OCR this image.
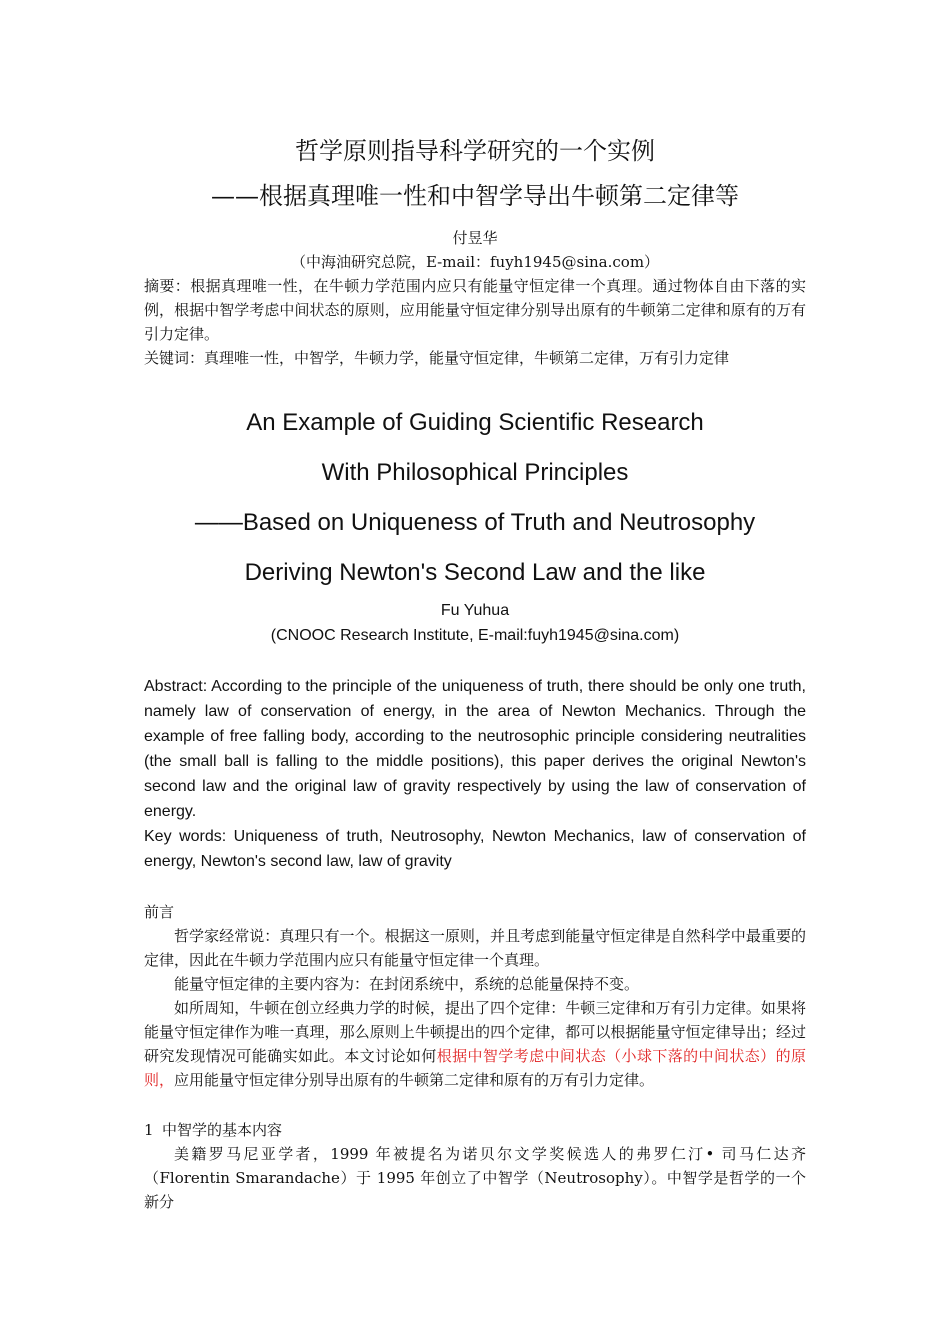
哲学原则指导科学研究的一个实例
——根据真理唯一性和中智学导出牛顿第二定律等
付昱华
（中海油研究总院，E-mail：fuyh1945@sina.com）
摘要：根据真理唯一性，在牛顿力学范围内应只有能量守恒定律一个真理。通过物体自由下落的实例，根据中智学考虑中间状态的原则，应用能量守恒定律分别导出原有的牛顿第二定律和原有的万有引力定律。
关键词：真理唯一性，中智学，牛顿力学，能量守恒定律，牛顿第二定律，万有引力定律
An Example of Guiding Scientific Research
With Philosophical Principles
——Based on Uniqueness of Truth and Neutrosophy
Deriving Newton's Second Law and the like
Fu Yuhua
(CNOOC Research Institute, E-mail:fuyh1945@sina.com)
Abstract: According to the principle of the uniqueness of truth, there should be only one truth, namely law of conservation of energy, in the area of Newton Mechanics. Through the example of free falling body, according to the neutrosophic principle considering neutralities (the small ball is falling to the middle positions), this paper derives the original Newton's second law and the original law of gravity respectively by using the law of conservation of energy.
Key words: Uniqueness of truth, Neutrosophy, Newton Mechanics, law of conservation of energy, Newton's second law, law of gravity
前言
哲学家经常说：真理只有一个。根据这一原则，并且考虑到能量守恒定律是自然科学中最重要的定律，因此在牛顿力学范围内应只有能量守恒定律一个真理。
能量守恒定律的主要内容为：在封闭系统中，系统的总能量保持不变。
如所周知，牛顿在创立经典力学的时候，提出了四个定律：牛顿三定律和万有引力定律。如果将能量守恒定律作为唯一真理，那么原则上牛顿提出的四个定律，都可以根据能量守恒定律导出；经过研究发现情况可能确实如此。本文讨论如何根据中智学考虑中间状态（小球下落的中间状态）的原则，应用能量守恒定律分别导出原有的牛顿第二定律和原有的万有引力定律。
1 中智学的基本内容
美籍罗马尼亚学者，1999 年被提名为诺贝尔文学奖候选人的弗罗仁汀• 司马仁达齐（Florentin Smarandache）于 1995 年创立了中智学（Neutrosophy）。中智学是哲学的一个新分
